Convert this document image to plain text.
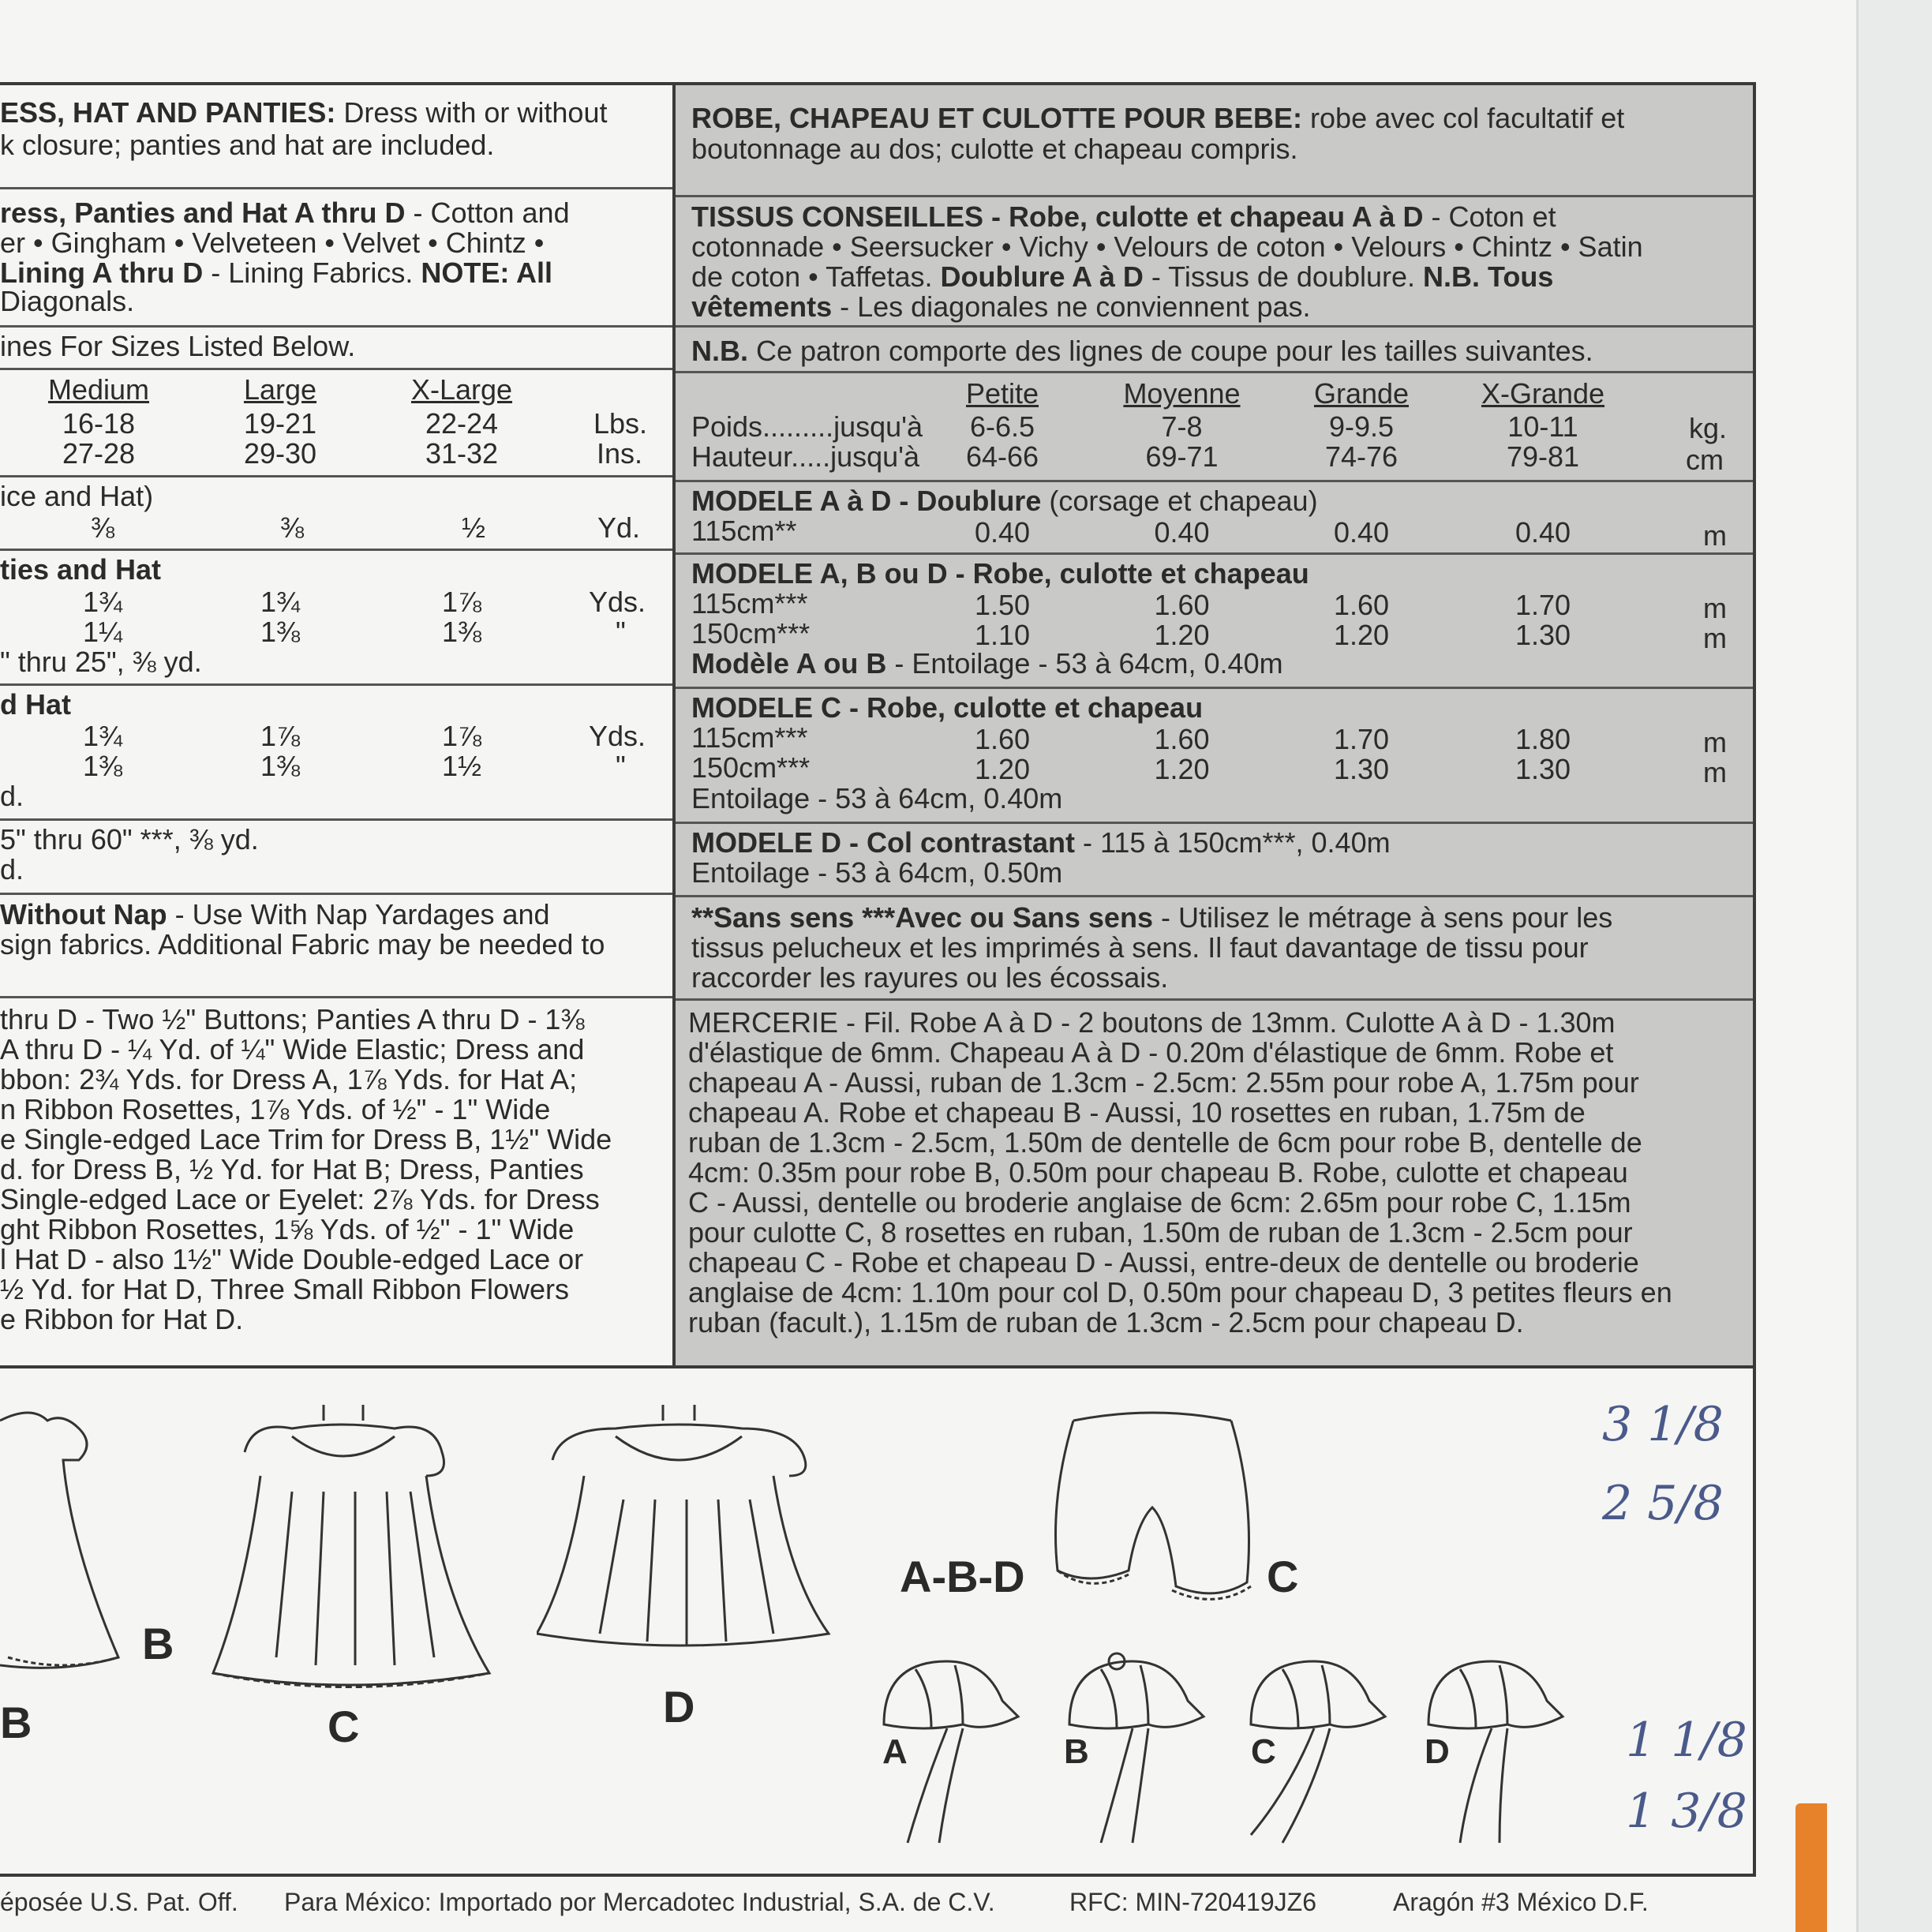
ESS, HAT AND PANTIES: Dress with or without
k closure; panties and hat are included.
ress, Panties and Hat A thru D - Cotton and
er • Gingham • Velveteen • Velvet • Chintz •
Lining A thru D - Lining Fabrics. NOTE: All
Diagonals.
ines For Sizes Listed Below.
Medium	Large	X-Large
16-18	19-21	22-24	Lbs.
27-28	29-30	31-32	Ins.
ice and Hat)
⅜	⅜	½	Yd.
ties and Hat
1¾	1¾	1⅞	Yds.
1¼	1⅜	1⅜	"
" thru 25", ⅜ yd.
d Hat
1¾	1⅞	1⅞	Yds.
1⅜	1⅜	1½	"
d.
5" thru 60" ***, ⅜ yd.
d.
Without Nap - Use With Nap Yardages and
sign fabrics. Additional Fabric may be needed to
thru D - Two ½" Buttons; Panties A thru D - 1⅜
A thru D - ¼ Yd. of ¼" Wide Elastic; Dress and
bbon: 2¾ Yds. for Dress A, 1⅞ Yds. for Hat A;
n Ribbon Rosettes, 1⅞ Yds. of ½" - 1" Wide
e Single-edged Lace Trim for Dress B, 1½" Wide
d. for Dress B, ½ Yd. for Hat B; Dress, Panties
Single-edged Lace or Eyelet: 2⅞ Yds. for Dress
ght Ribbon Rosettes, 1⅝ Yds. of ½" - 1" Wide
l Hat D - also 1½" Wide Double-edged Lace or
½ Yd. for Hat D, Three Small Ribbon Flowers
e Ribbon for Hat D.
ROBE, CHAPEAU ET CULOTTE POUR BEBE: robe avec col facultatif et
boutonnage au dos; culotte et chapeau compris.
TISSUS CONSEILLES - Robe, culotte et chapeau A à D - Coton et
cotonnade • Seersucker • Vichy • Velours de coton • Velours • Chintz • Satin
de coton • Taffetas. Doublure A à D - Tissus de doublure. N.B. Tous
vêtements - Les diagonales ne conviennent pas.
N.B. Ce patron comporte des lignes de coupe pour les tailles suivantes.
Petite	Moyenne	Grande	X-Grande
Poids.........jusqu'à	6-6.5	7-8	9-9.5	10-11	kg.
Hauteur.....jusqu'à	64-66	69-71	74-76	79-81	cm
MODELE A à D - Doublure (corsage et chapeau)
115cm**	0.40	0.40	0.40	0.40	m
MODELE A, B ou D - Robe, culotte et chapeau
115cm***	1.50	1.60	1.60	1.70	m
150cm***	1.10	1.20	1.20	1.30	m
Modèle A ou B - Entoilage - 53 à 64cm, 0.40m
MODELE C - Robe, culotte et chapeau
115cm***	1.60	1.60	1.70	1.80	m
150cm***	1.20	1.20	1.30	1.30	m
Entoilage - 53 à 64cm, 0.40m
MODELE D - Col contrastant - 115 à 150cm***, 0.40m
Entoilage - 53 à 64cm, 0.50m
**Sans sens ***Avec ou Sans sens - Utilisez le métrage à sens pour les
tissus pelucheux et les imprimés à sens. Il faut davantage de tissu pour
raccorder les rayures ou les écossais.
MERCERIE - Fil. Robe A à D - 2 boutons de 13mm. Culotte A à D - 1.30m
d'élastique de 6mm. Chapeau A à D - 0.20m d'élastique de 6mm. Robe et
chapeau A - Aussi, ruban de 1.3cm - 2.5cm: 2.55m pour robe A, 1.75m pour
chapeau A. Robe et chapeau B - Aussi, 10 rosettes en ruban, 1.75m de
ruban de 1.3cm - 2.5cm, 1.50m de dentelle de 6cm pour robe B, dentelle de
4cm: 0.35m pour robe B, 0.50m pour chapeau B. Robe, culotte et chapeau
C - Aussi, dentelle ou broderie anglaise de 6cm: 2.65m pour robe C, 1.15m
pour culotte C, 8 rosettes en ruban, 1.50m de ruban de 1.3cm - 2.5cm pour
chapeau C - Robe et chapeau D - Aussi, entre-deux de dentelle ou broderie
anglaise de 4cm: 1.10m pour col D, 0.50m pour chapeau D, 3 petites fleurs en
ruban (facult.), 1.15m de ruban de 1.3cm - 2.5cm pour chapeau D.
B
B	C	D
A-B-D	C
A	B	C	D
3 1/8
2 5/8
1 1/8
1 3/8
éposée U.S. Pat. Off. Para México: Importado por Mercadotec Industrial, S.A. de C.V.	RFC: MIN-720419JZ6	Aragón #3 México D.F.
